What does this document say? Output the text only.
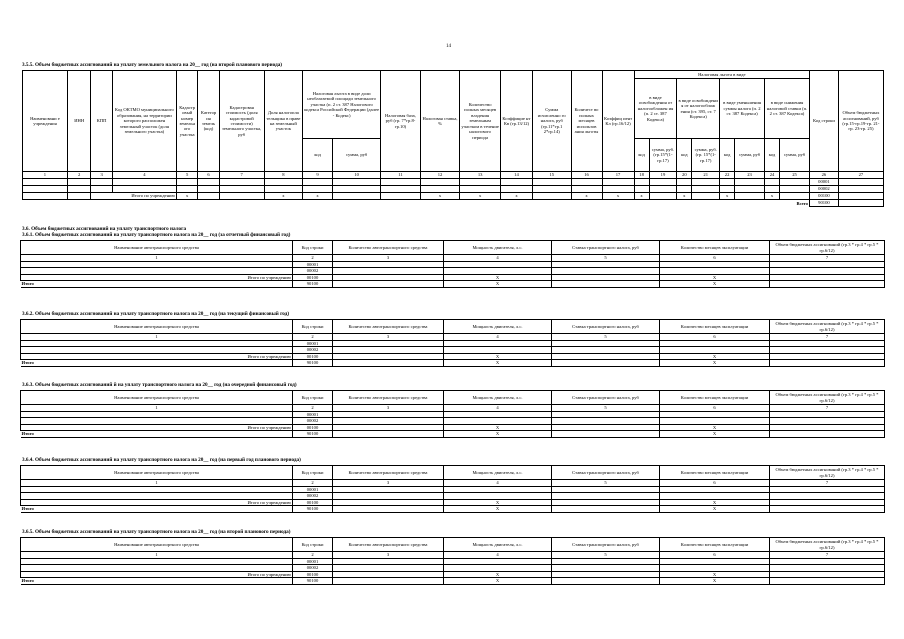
14
3.5.5. Объем бюджетных ассигнований на уплату земельного налога на 20__ год (на второй планового периода)
Наименовани е учреждения	ИНН	КПП	Код ОКТМО муниципального образования, на территории которого расположен земельный участок (доля земельного участка)	Кадастр овый номер земельн ого участка	Категор ия земель (код)	Кадастровая стоимость (доля кадастровой стоимости) земельного участка, руб	Доля налогопла тельщика в праве на земельный участок	Налоговая льгота в виде доли необлагаемой площади земельного участка (п. 2 ст. 387 Налогового кодекса Российской Федерации (далее - Кодекс)		Налоговая база, руб (гр. 7*гр.8-гр.10)	Налоговая ставка, %	Количество полных месяцев владения земельным участком в течение налогового периода	Коэффицие нт Кв (гр.13/12)	Сумма исчисленно го налога, руб (гр.11*гр.1 2*гр.14)	Количест во полных месяцев использов ания льготы	Коэффиц иент Кл (гр.16/12)	Налоговая льгота в виде								Код строки	Объем бюджетных ассигнований, руб (гр.15-гр.19-гр. 21-гр. 23-гр. 25)
																	в виде освобождения от налогообложен ия (п. 2 ст. 387 Кодекса)		в виде освобождени я от налогооблож ения (ст. 395, ст. 7 Кодекса)		в виде уменьшения суммы налога (п. 2 ст. 387 Кодекса)		в виде снижения налоговой ставки (п. 2 ст. 387 Кодекса)			
								код	сумма, руб								код	сумма, руб. (гр.15*(1-гр.17)	код	сумма, руб.(гр. 15*(1-гр.17)	код	сумма, руб	код	сумма, руб		
1	2	3	4	5	6	7	8	9	10	11	12	13	14	15	16	17	18	19	20	21	22	23	24	25	26	27
																									00001	
																									00002	
		Итого по учреждению		x			x	x			x	x	x		x	x	x		x		x		x		00100	
Всего																									90100	
3.6. Объем бюджетных ассигнований на уплату транспортного налога
3.6.1. Объем бюджетных ассигнований на уплату транспортного налога на 20__ год (за отчетный финансовый год)
Наименование автотранспортного средства	Код строки	Количество автотранспортного средства	Мощность двигателя, л.с.	Ставка транспортного налога, руб	Количество месяцев эксплуатации	Объем бюджетных ассигнований (гр.3 * гр.4 * гр.5 * гр.6/12)
1	2	3	4	5	6	7
	00001					
	00002					
Итого по учреждению	00100		X		X	
Итого	90100		X		X	
3.6.2. Объем бюджетных ассигнований на уплату транспортного налога на 20__ год (на текущий финансовый год)
Наименование автотранспортного средства	Код строки	Количество автотранспортного средства	Мощность двигателя, л.с.	Ставка транспортного налога, руб	Количество месяцев эксплуатации	Объем бюджетных ассигнований (гр.3 * гр.4 * гр.5 * гр.6/12)
1	2	3	4	5	6	7
	00001					
	00002					
Итого по учреждению	00100		X		X	
Итого	90100		X		X	
3.6.3. Объем бюджетных ассигнований й на уплату транспортного налога на 20__ год (на очередной финансовый год)
Наименование автотранспортного средства	Код строки	Количество автотранспортного средства	Мощность двигателя, л.с.	Ставка транспортного налога, руб	Количество месяцев эксплуатации	Объем бюджетных ассигнований (гр.3 * гр.4 * гр.5 * гр.6/12)
1	2	3	4	5	6	7
	00001					
	00002					
Итого по учреждению	00100		X		X	
Итого	90100		X		X	
3.6.4. Объем бюджетных ассигнований на уплату транспортного налога на 20__ год (на первый год планового периода)
Наименование автотранспортного средства	Код строки	Количество автотранспортного средства	Мощность двигателя, л.с.	Ставка транспортного налога, руб	Количество месяцев эксплуатации	Объем бюджетных ассигнований (гр.3 * гр.4 * гр.5 * гр.6/12)
1	2	3	4	5	6	7
	00001					
	00002					
Итого по учреждению	00100		X		X	
Итого	90100		X		X	
3.6.5. Объем бюджетных ассигнований на уплату транспортного налога на 20__ год (на второй планового периода)
Наименование автотранспортного средства	Код строки	Количество автотранспортного средства	Мощность двигателя, л.с.	Ставка транспортного налога, руб	Количество месяцев эксплуатации	Объем бюджетных ассигнований (гр.3 * гр.4 * гр.5 * гр.6/12)
1	2	3	4	5	6	7
	00001					
	00002					
Итого по учреждению	00100		X		X	
Итого	90100		X		X	
